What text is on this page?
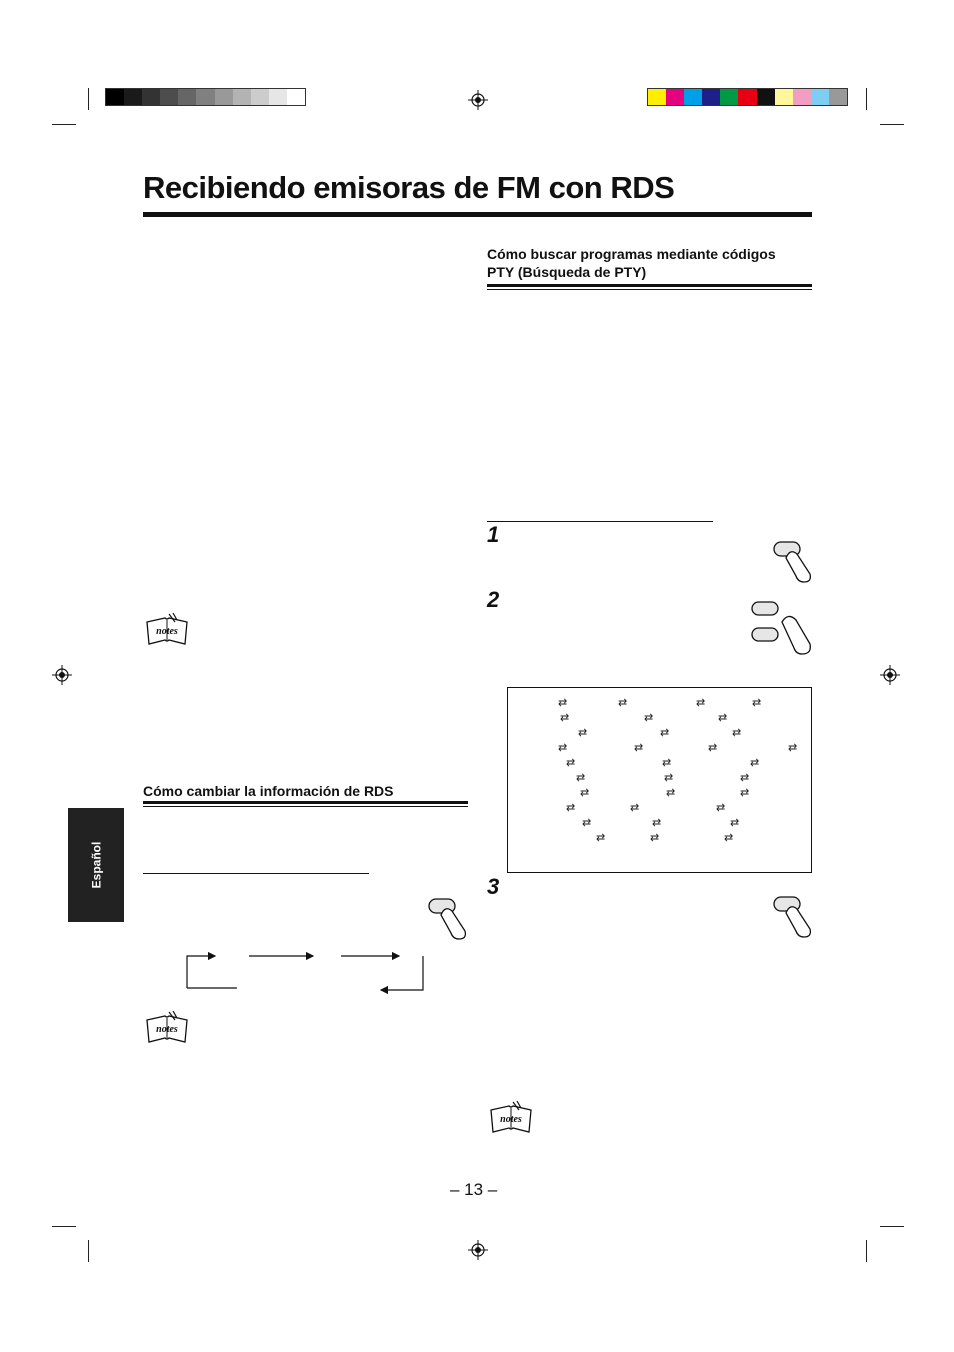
Recibiendo emisoras de FM con RDS
Cómo buscar programas mediante códigos
PTY (Búsqueda de PTY)
1
2
3
⇄	⇄	⇄	⇄
⇄	⇄	⇄
⇄	⇄	⇄
⇄	⇄	⇄	⇄
⇄	⇄	⇄
⇄	⇄	⇄
⇄	⇄	⇄
⇄	⇄	⇄
⇄	⇄	⇄
⇄	⇄	⇄
notes
notes
notes
Cómo cambiar la información de RDS
Español
– 13 –
